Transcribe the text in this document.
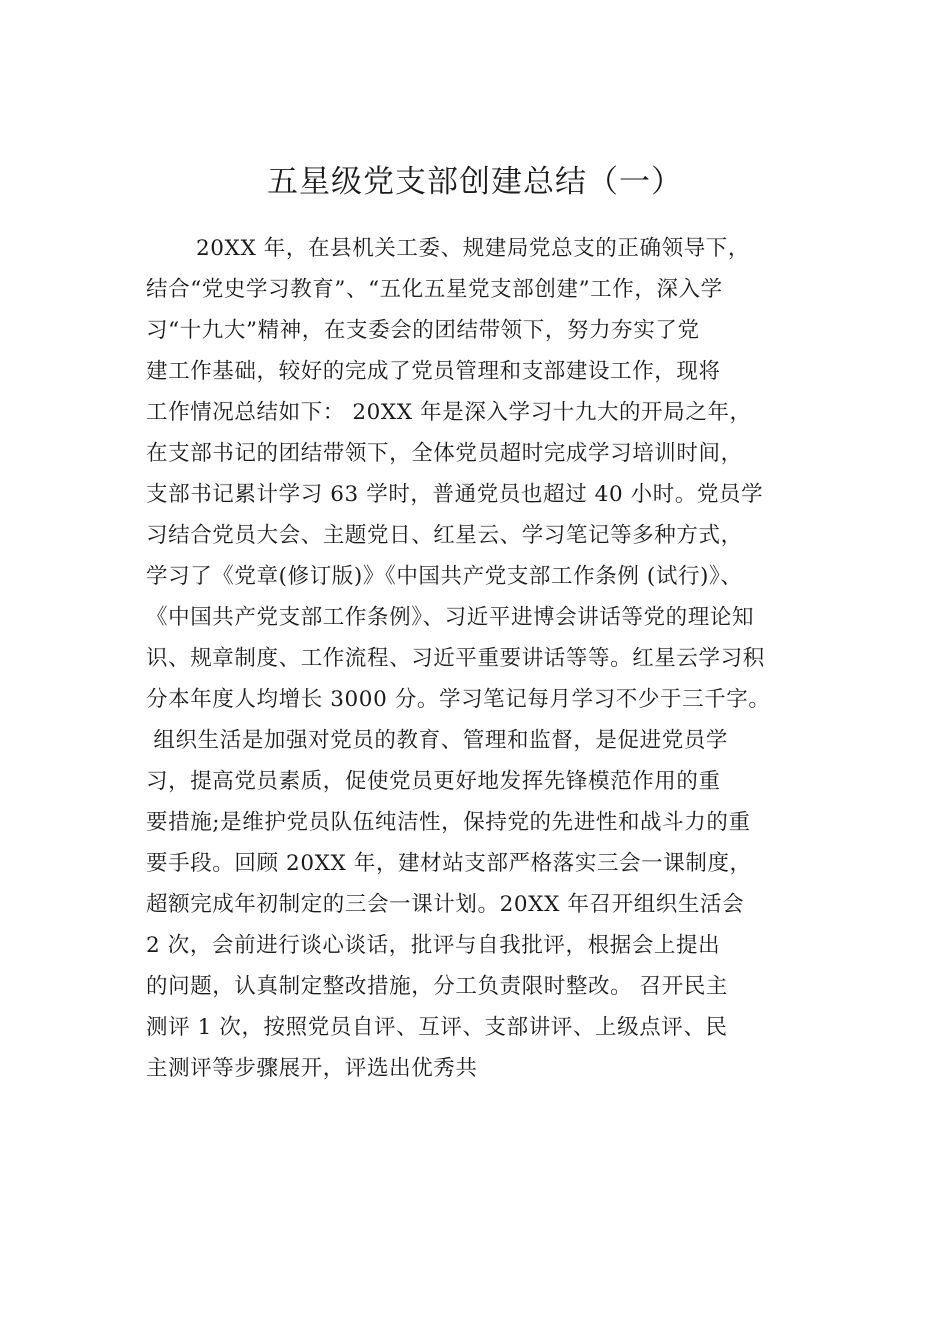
五星级党支部创建总结（一）
20XX 年，在县机关工委、规建局党总支的正确领导下，
结合“党史学习教育”、“五化五星党支部创建”工作，深入学
习“十九大”精神，在支委会的团结带领下，努力夯实了党
建工作基础，较好的完成了党员管理和支部建设工作，现将
工作情况总结如下： 20XX 年是深入学习十九大的开局之年，
在支部书记的团结带领下，全体党员超时完成学习培训时间，
支部书记累计学习 63 学时，普通党员也超过 40 小时。党员学
习结合党员大会、主题党日、红星云、学习笔记等多种方式，
学习了《党章(修订版)》《中国共产党支部工作条例 (试行)》、
《中国共产党支部工作条例》、习近平进博会讲话等党的理论知
识、规章制度、工作流程、习近平重要讲话等等。红星云学习积
分本年度人均增长 3000 分。学习笔记每月学习不少于三千字。
组织生活是加强对党员的教育、管理和监督，是促进党员学
习，提高党员素质，促使党员更好地发挥先锋模范作用的重
要措施;是维护党员队伍纯洁性，保持党的先进性和战斗力的重
要手段。回顾 20XX 年，建材站支部严格落实三会一课制度，
超额完成年初制定的三会一课计划。20XX 年召开组织生活会
2 次，会前进行谈心谈话，批评与自我批评，根据会上提出
的问题，认真制定整改措施，分工负责限时整改。 召开民主
测评 1 次，按照党员自评、互评、支部讲评、上级点评、民
主测评等步骤展开，评选出优秀共
